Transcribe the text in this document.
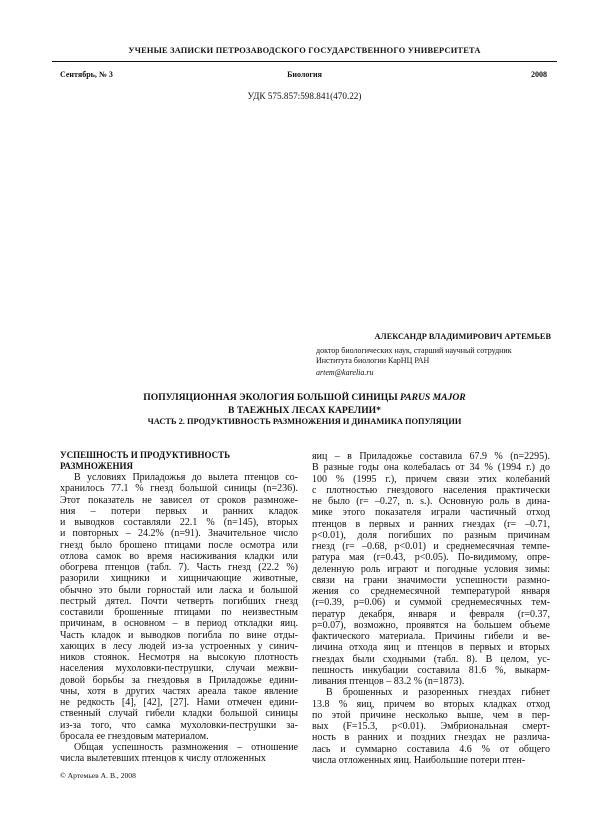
УЧЕНЫЕ ЗАПИСКИ ПЕТРОЗАВОДСКОГО ГОСУДАРСТВЕННОГО УНИВЕРСИТЕТА
Сентябрь, № 3	Биология	2008
УДК 575.857:598.841(470.22)
АЛЕКСАНДР ВЛАДИМИРОВИЧ АРТЕМЬЕВ
доктор биологических наук, старший научный сотрудник
Института биологии КарНЦ РАН
artem@karelia.ru
ПОПУЛЯЦИОННАЯ ЭКОЛОГИЯ БОЛЬШОЙ СИНИЦЫ PARUS MAJOR
В ТАЕЖНЫХ ЛЕСАХ КАРЕЛИИ*
ЧАСТЬ 2. ПРОДУКТИВНОСТЬ РАЗМНОЖЕНИЯ И ДИНАМИКА ПОПУЛЯЦИИ
УСПЕШНОСТЬ И ПРОДУКТИВНОСТЬ
РАЗМНОЖЕНИЯ
В условиях Приладожья до вылета птенцов со-
хранилось 77.1 % гнезд большой синицы (n=236).
Этот показатель не зависел от сроков размноже-
ния – потери первых и ранних кладок
и выводков составляли 22.1 % (n=145), вторых
и повторных – 24.2% (n=91). Значительное число
гнезд было брошено птицами после осмотра или
отлова самок во время насиживания кладки или
обогрева птенцов (табл. 7). Часть гнезд (22.2 %)
разорили хищники и хищничающие животные,
обычно это были горностай или ласка и большой
пестрый дятел. Почти четверть погибших гнезд
составили брошенные птицами по неизвестным
причинам, в основном – в период откладки яиц.
Часть кладок и выводков погибла по вине отды-
хающих в лесу людей из-за устроенных у синич-
ников стоянок. Несмотря на высокую плотность
населения мухоловки-пеструшки, случаи межви-
довой борьбы за гнездовья в Приладожье едини-
чны, хотя в других частях ареала такое явление
не редкость [4], [42], [27]. Нами отмечен едини-
ственный случай гибели кладки большой синицы
из-за того, что самка мухоловки-пеструшки за-
бросала ее гнездовым материалом.
Общая успешность размножения – отношение
числа вылетевших птенцов к числу отложенных
яиц – в Приладожье составила 67.9 % (n=2295).
В разные годы она колебалась от 34 % (1994 г.) до
100 % (1995 г.), причем связи этих колебаний
с плотностью гнездового населения практически
не было (r= –0.27, n. s.). Основную роль в дина-
мике этого показателя играли частичный отход
птенцов в первых и ранних гнездах (r= –0.71,
p<0.01), доля погибших по разным причинам
гнезд (r= –0.68, p<0.01) и среднемесячная темпе-
ратура мая (r=0.43, p<0.05). По-видимому, опре-
деленную роль играют и погодные условия зимы:
связи на грани значимости успешности размно-
жения со среднемесячной температурой января
(r=0.39, p=0.06) и суммой среднемесячных тем-
ператур декабря, января и февраля (r=0.37,
p=0.07), возможно, проявятся на большем объеме
фактического материала. Причины гибели и ве-
личина отхода яиц и птенцов в первых и вторых
гнездах были сходными (табл. 8). В целом, ус-
пешность инкубации составила 81.6 %, выкарм-
ливания птенцов – 83.2 % (n=1873).
В брошенных и разоренных гнездах гибнет
13.8 % яиц, причем во вторых кладках отход
по этой причине несколько выше, чем в пер-
вых (F=15.3, p<0.01). Эмбриональная смерт-
ность в ранних и поздних гнездах не различа-
лась и суммарно составила 4.6 % от общего
числа отложенных яиц. Наибольшие потери птен-
© Артемьев А. В., 2008
